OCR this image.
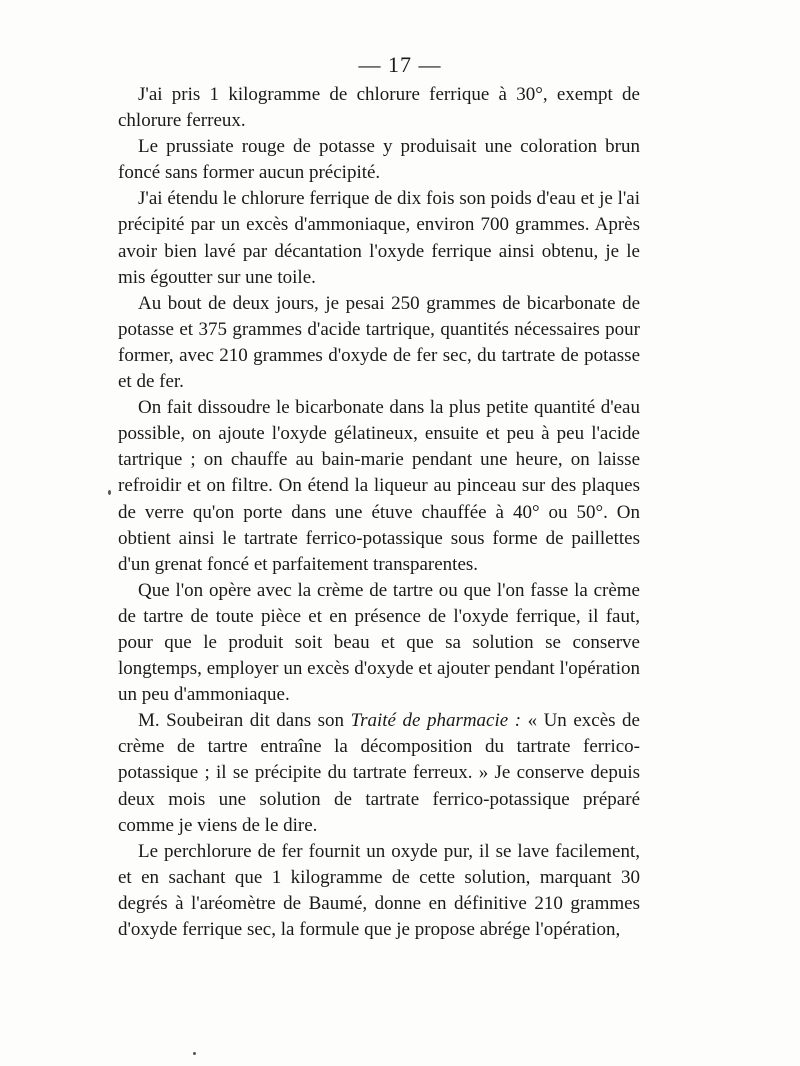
— 17 —

J'ai pris 1 kilogramme de chlorure ferrique à 30°, exempt de chlorure ferreux.

Le prussiate rouge de potasse y produisait une coloration brun foncé sans former aucun précipité.

J'ai étendu le chlorure ferrique de dix fois son poids d'eau et je l'ai précipité par un excès d'ammoniaque, environ 700 grammes. Après avoir bien lavé par décantation l'oxyde ferrique ainsi obtenu, je le mis égoutter sur une toile.

Au bout de deux jours, je pesai 250 grammes de bicarbonate de potasse et 375 grammes d'acide tartrique, quantités nécessaires pour former, avec 210 grammes d'oxyde de fer sec, du tartrate de potasse et de fer.

On fait dissoudre le bicarbonate dans la plus petite quantité d'eau possible, on ajoute l'oxyde gélatineux, ensuite et peu à peu l'acide tartrique ; on chauffe au bain-marie pendant une heure, on laisse refroidir et on filtre. On étend la liqueur au pinceau sur des plaques de verre qu'on porte dans une étuve chauffée à 40° ou 50°. On obtient ainsi le tartrate ferrico-potassique sous forme de paillettes d'un grenat foncé et parfaitement transparentes.

Que l'on opère avec la crème de tartre ou que l'on fasse la crème de tartre de toute pièce et en présence de l'oxyde ferrique, il faut, pour que le produit soit beau et que sa solution se conserve longtemps, employer un excès d'oxyde et ajouter pendant l'opération un peu d'ammoniaque.

M. Soubeiran dit dans son Traité de pharmacie : « Un excès de crème de tartre entraîne la décomposition du tartrate ferrico-potassique ; il se précipite du tartrate ferreux. » Je conserve depuis deux mois une solution de tartrate ferrico-potassique préparé comme je viens de le dire.

Le perchlorure de fer fournit un oxyde pur, il se lave facilement, et en sachant que 1 kilogramme de cette solution, marquant 30 degrés à l'aréomètre de Baumé, donne en définitive 210 grammes d'oxyde ferrique sec, la formule que je propose abrége l'opération,
